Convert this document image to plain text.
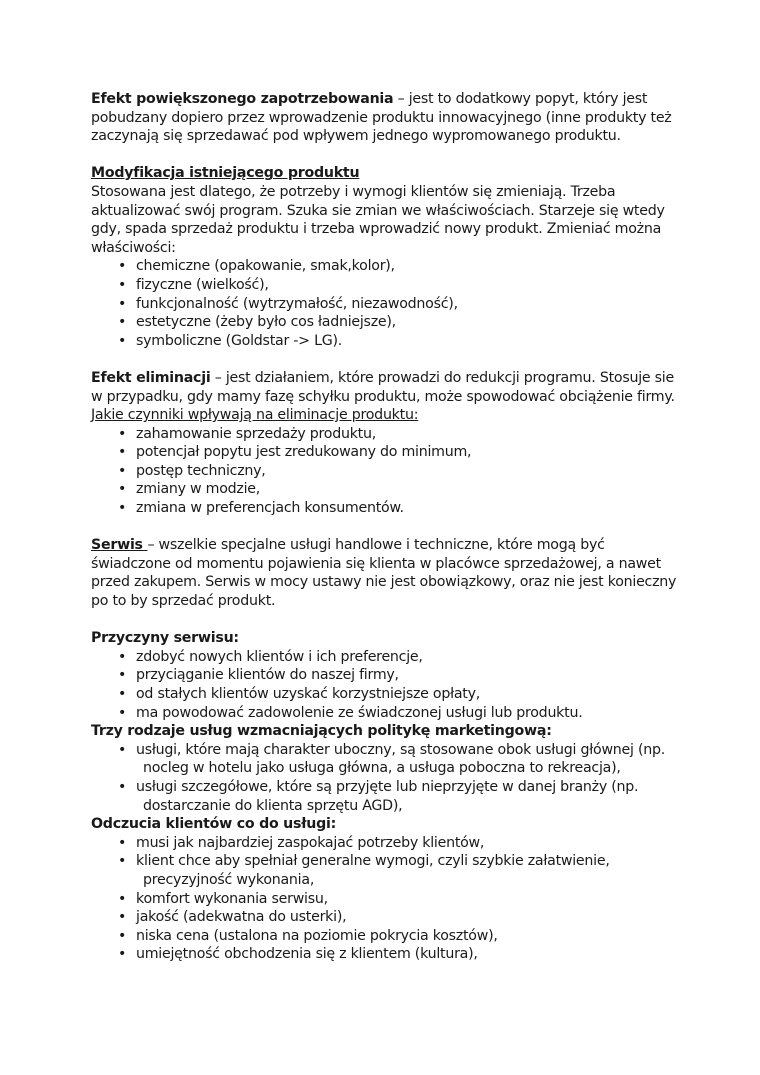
Efekt powiększonego zapotrzebowania – jest to dodatkowy popyt, który jest pobudzany dopiero przez wprowadzenie produktu innowacyjnego (inne produkty też zaczynają się sprzedawać pod wpływem jednego wypromowanego produktu.

Modyfikacja istniejącego produktu

Stosowana jest dlatego, że potrzeby i wymogi klientów się zmieniają. Trzeba aktualizować swój program. Szuka sie zmian we właściwościach. Starzeje się wtedy gdy, spada sprzedaż produktu i trzeba wprowadzić nowy produkt. Zmieniać można właściwości:

• chemiczne (opakowanie, smak,kolor),
• fizyczne (wielkość),
• funkcjonalność (wytrzymałość, niezawodność),
• estetyczne (żeby było cos ładniejsze),
• symboliczne (Goldstar -> LG).

Efekt eliminacji – jest działaniem, które prowadzi do redukcji programu. Stosuje sie w przypadku, gdy mamy fazę schyłku produktu, może spowodować obciążenie firmy.

Jakie czynniki wpływają na eliminacje produktu:

• zahamowanie sprzedaży produktu,
• potencjał popytu jest zredukowany do minimum,
• postęp techniczny,
• zmiany w modzie,
• zmiana w preferencjach konsumentów.

Serwis – wszelkie specjalne usługi handlowe i techniczne, które mogą być świadczone od momentu pojawienia się klienta w placówce sprzedażowej, a nawet przed zakupem. Serwis w mocy ustawy nie jest obowiązkowy, oraz nie jest konieczny po to by sprzedać produkt.

Przyczyny serwisu:

• zdobyć nowych klientów i ich preferencje,
• przyciąganie klientów do naszej firmy,
• od stałych klientów uzyskać korzystniejsze opłaty,
• ma powodować zadowolenie ze świadczonej usługi lub produktu.

Trzy rodzaje usług wzmacniających politykę marketingową:

• usługi, które mają charakter uboczny, są stosowane obok usługi głównej (np.
nocleg w hotelu jako usługa główna, a usługa poboczna to rekreacja),
• usługi szczegółowe, które są przyjęte lub nieprzyjęte w danej branży (np.
dostarczanie do klienta sprzętu AGD),

Odczucia klientów co do usługi:

• musi jak najbardziej zaspokajać potrzeby klientów,
• klient chce aby spełniał generalne wymogi, czyli szybkie załatwienie,
precyzyjność wykonania,
• komfort wykonania serwisu,
• jakość (adekwatna do usterki),
• niska cena (ustalona na poziomie pokrycia kosztów),
• umiejętność obchodzenia się z klientem (kultura),
